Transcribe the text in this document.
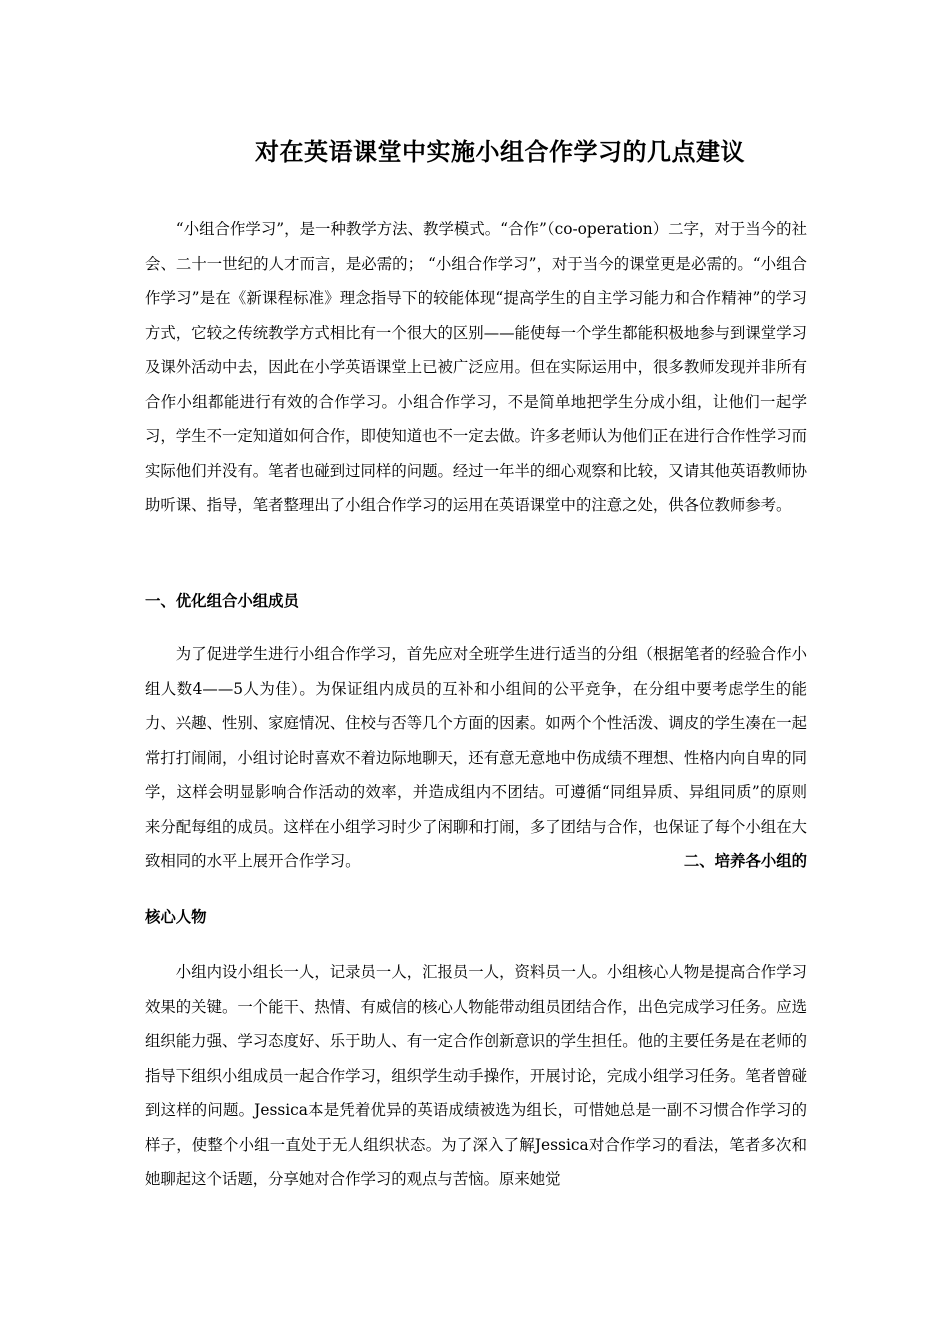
对在英语课堂中实施小组合作学习的几点建议

“小组合作学习”，是一种教学方法、教学模式。“合作”（co-operation）二字，对于当今的社会、二十一世纪的人才而言，是必需的； “小组合作学习”，对于当今的课堂更是必需的。“小组合作学习”是在《新课程标准》理念指导下的较能体现“提高学生的自主学习能力和合作精神”的学习方式，它较之传统教学方式相比有一个很大的区别——能使每一个学生都能积极地参与到课堂学习及课外活动中去，因此在小学英语课堂上已被广泛应用。但在实际运用中，很多教师发现并非所有合作小组都能进行有效的合作学习。小组合作学习，不是简单地把学生分成小组，让他们一起学习，学生不一定知道如何合作，即使知道也不一定去做。许多老师认为他们正在进行合作性学习而实际他们并没有。笔者也碰到过同样的问题。经过一年半的细心观察和比较，又请其他英语教师协助听课、指导，笔者整理出了小组合作学习的运用在英语课堂中的注意之处，供各位教师参考。

一、优化组合小组成员

为了促进学生进行小组合作学习，首先应对全班学生进行适当的分组（根据笔者的经验合作小组人数4——5人为佳）。为保证组内成员的互补和小组间的公平竞争，在分组中要考虑学生的能力、兴趣、性别、家庭情况、住校与否等几个方面的因素。如两个个性活泼、调皮的学生凑在一起常打打闹闹，小组讨论时喜欢不着边际地聊天，还有意无意地中伤成绩不理想、性格内向自卑的同学，这样会明显影响合作活动的效率，并造成组内不团结。可遵循“同组异质、异组同质”的原则来分配每组的成员。这样在小组学习时少了闲聊和打闹，多了团结与合作，也保证了每个小组在大致相同的水平上展开合作学习。	二、培养各小组的

核心人物

小组内设小组长一人，记录员一人，汇报员一人，资料员一人。小组核心人物是提高合作学习效果的关键。一个能干、热情、有威信的核心人物能带动组员团结合作，出色完成学习任务。应选组织能力强、学习态度好、乐于助人、有一定合作创新意识的学生担任。他的主要任务是在老师的指导下组织小组成员一起合作学习，组织学生动手操作，开展讨论，完成小组学习任务。笔者曾碰到这样的问题。Jessica本是凭着优异的英语成绩被选为组长，可惜她总是一副不习惯合作学习的样子，使整个小组一直处于无人组织状态。为了深入了解Jessica对合作学习的看法，笔者多次和她聊起这个话题，分享她对合作学习的观点与苦恼。原来她觉
